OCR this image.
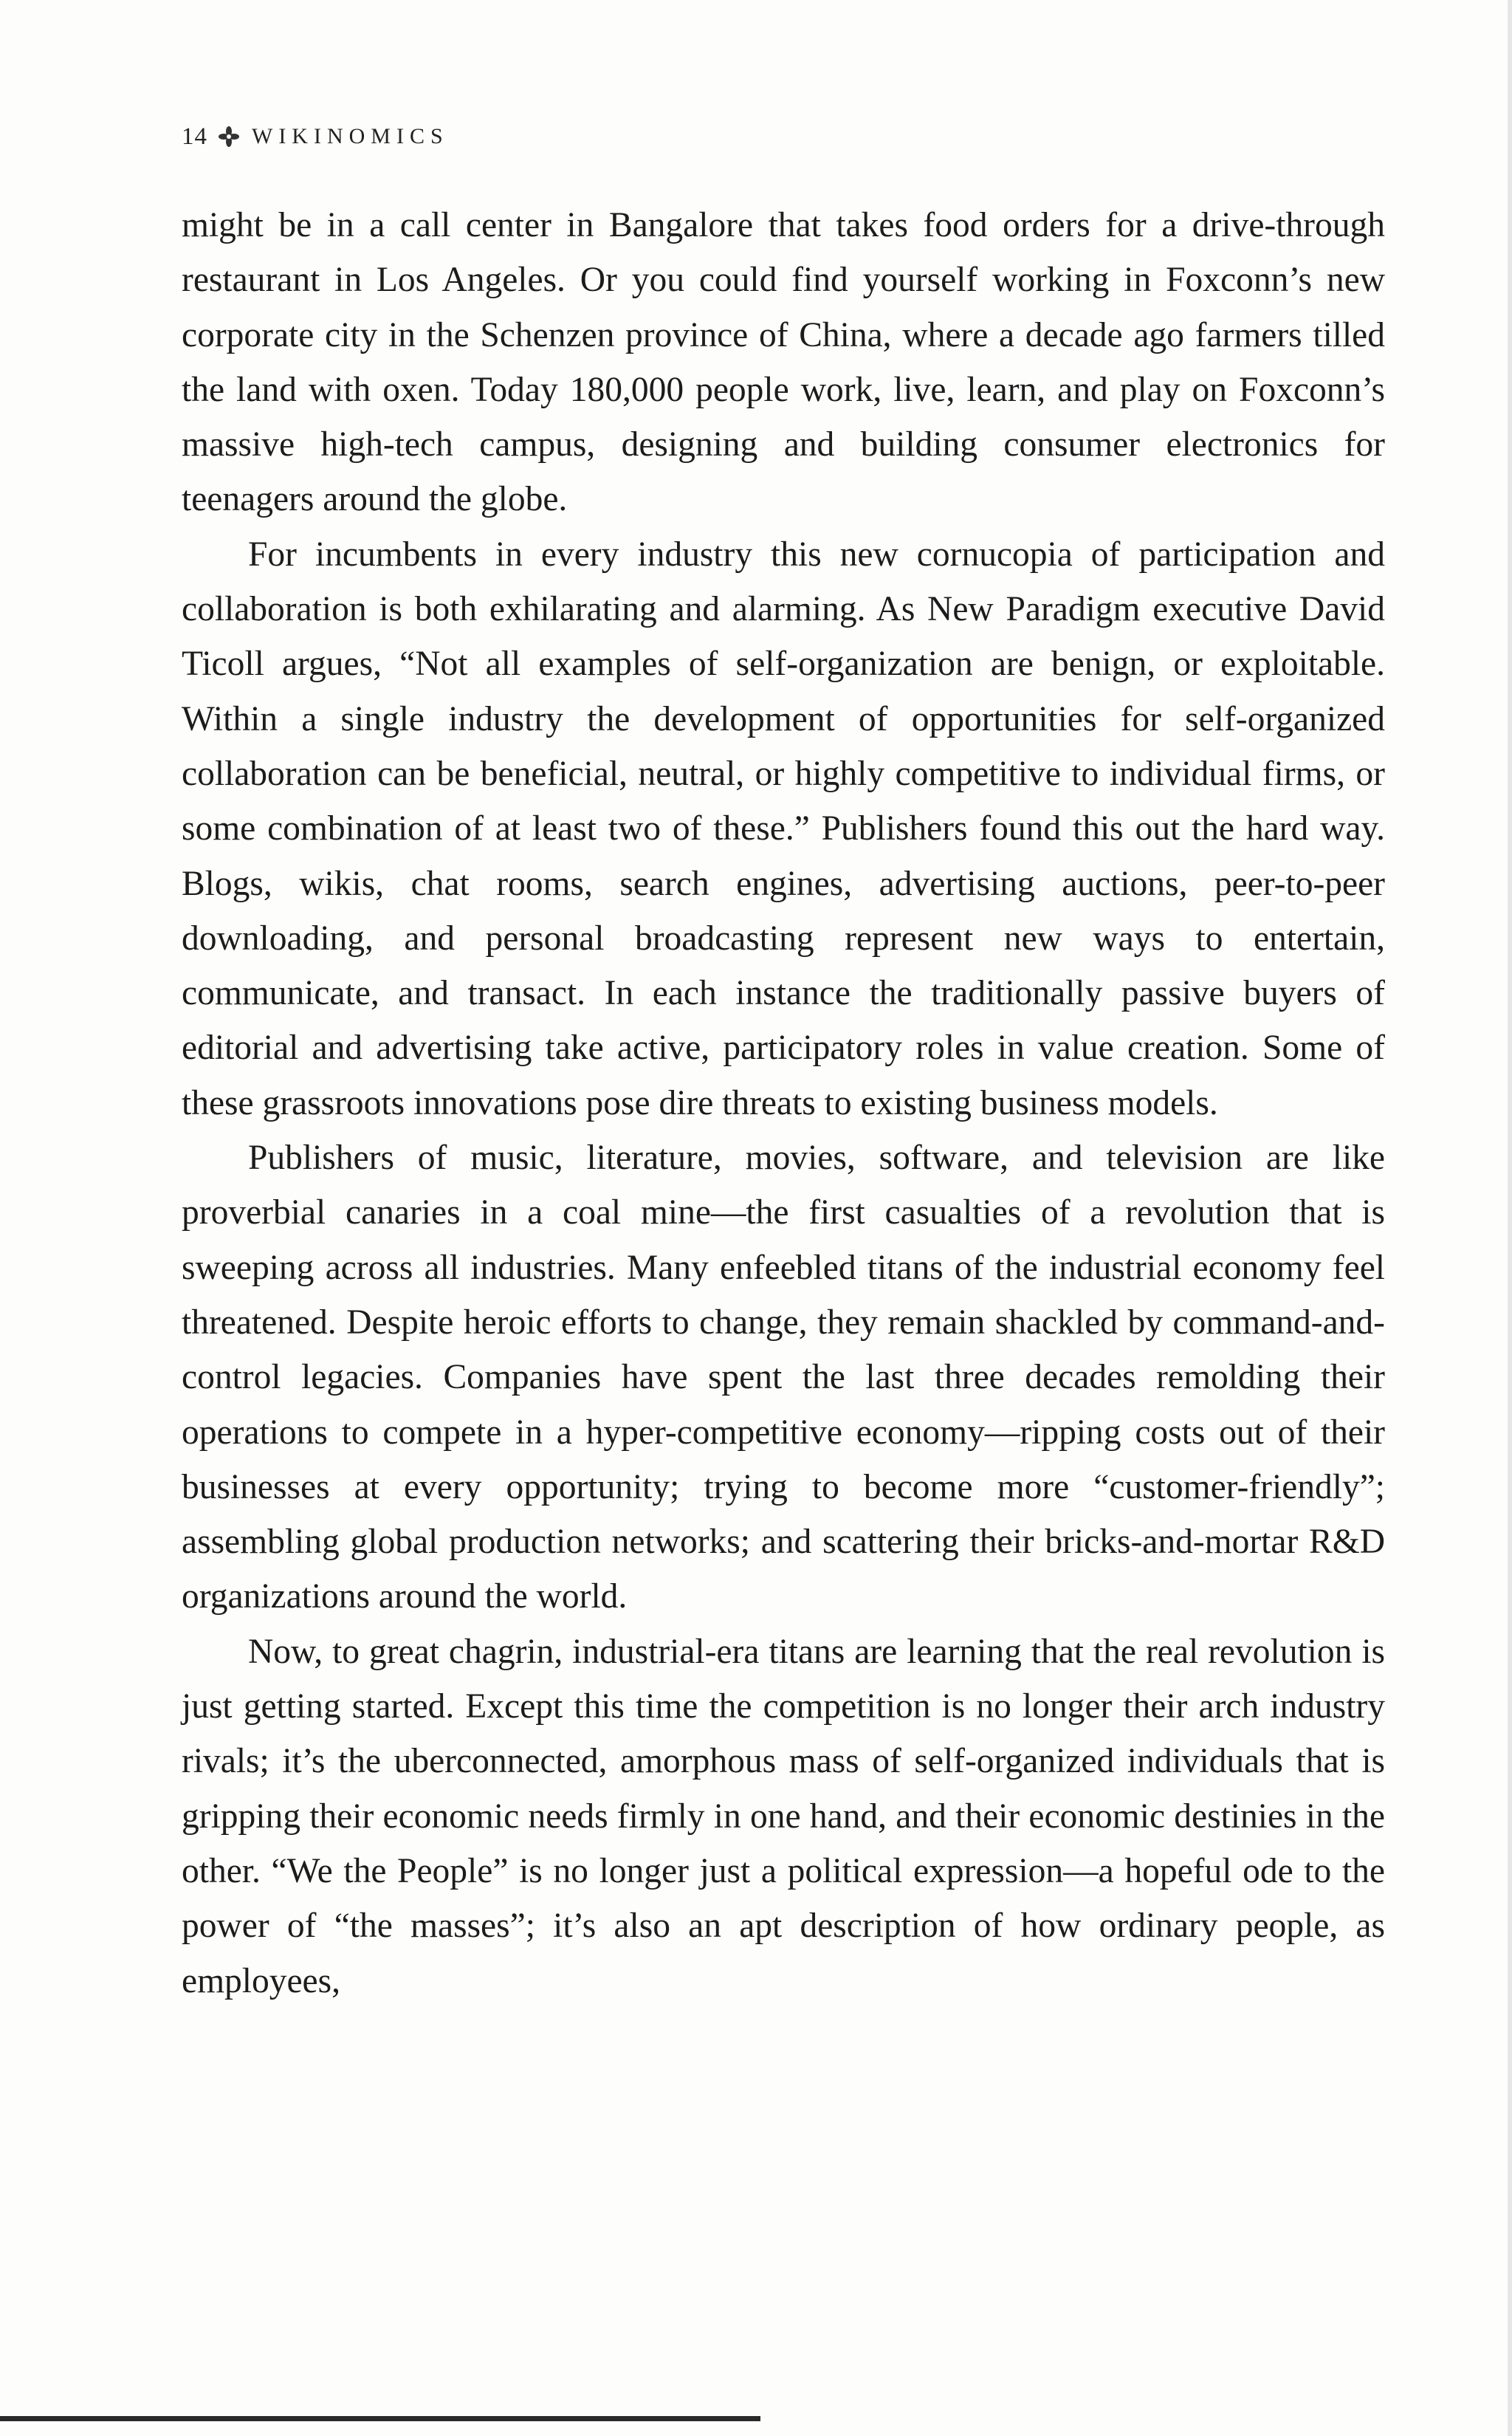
14 WIKINOMICS

might be in a call center in Bangalore that takes food orders for a drive-through restaurant in Los Angeles. Or you could find yourself working in Foxconn’s new corporate city in the Schenzen province of China, where a decade ago farmers tilled the land with oxen. Today 180,000 people work, live, learn, and play on Foxconn’s massive high-tech campus, designing and building consumer electronics for teenagers around the globe.

For incumbents in every industry this new cornucopia of participation and collaboration is both exhilarating and alarming. As New Paradigm executive David Ticoll argues, “Not all examples of self-organization are benign, or exploitable. Within a single industry the development of opportunities for self-organized collaboration can be beneficial, neutral, or highly competitive to individual firms, or some combination of at least two of these.” Publishers found this out the hard way. Blogs, wikis, chat rooms, search engines, advertising auctions, peer-to-peer downloading, and personal broadcasting represent new ways to entertain, communicate, and transact. In each instance the traditionally passive buyers of editorial and advertising take active, participatory roles in value creation. Some of these grassroots innovations pose dire threats to existing business models.

Publishers of music, literature, movies, software, and television are like proverbial canaries in a coal mine—the first casualties of a revolution that is sweeping across all industries. Many enfeebled titans of the industrial economy feel threatened. Despite heroic efforts to change, they remain shackled by command-and-control legacies. Companies have spent the last three decades remolding their operations to compete in a hyper-competitive economy—ripping costs out of their businesses at every opportunity; trying to become more “customer-friendly”; assembling global production networks; and scattering their bricks-and-mortar R&D organizations around the world.

Now, to great chagrin, industrial-era titans are learning that the real revolution is just getting started. Except this time the competition is no longer their arch industry rivals; it’s the uberconnected, amorphous mass of self-organized individuals that is gripping their economic needs firmly in one hand, and their economic destinies in the other. “We the People” is no longer just a political expression—a hopeful ode to the power of “the masses”; it’s also an apt description of how ordinary people, as employees,
